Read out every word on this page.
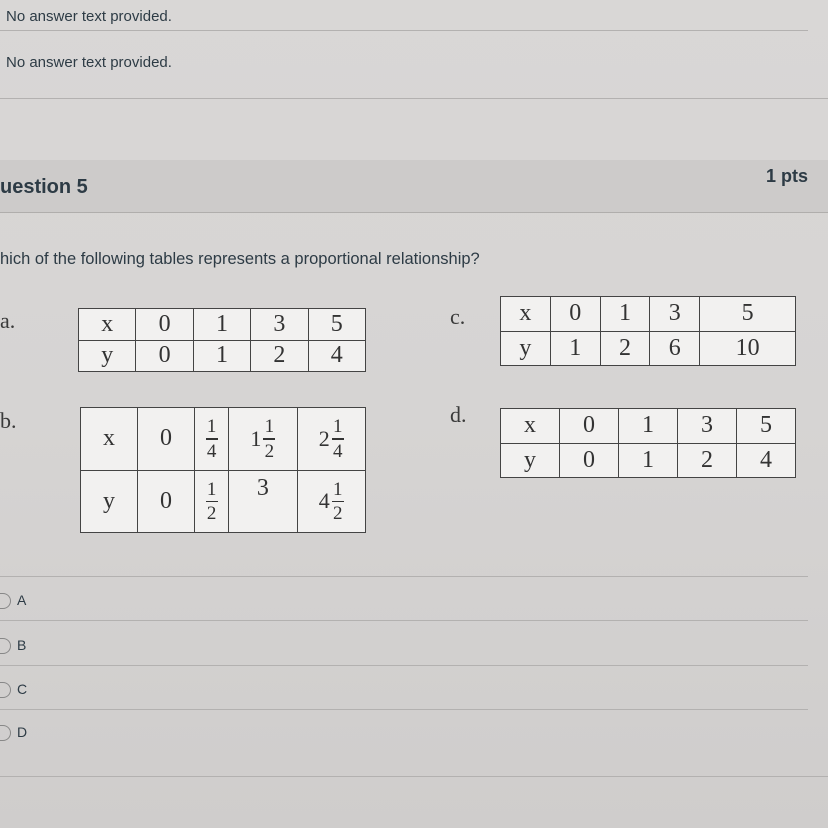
No answer text provided.
No answer text provided.
uestion 5	1 pts
hich of the following tables represents a proportional relationship?
a.	x	0	1	3	5
y	0	1	2	4
c. x	0	1	3	5
y	1	2	6	10
b.
x	0	$\frac{1}{4}$	$1 \frac{1}{2}$	$2 \frac{1}{4}$

y	0	$\frac{1}{2}$	3	$4 \frac{1}{2}$
d. x	0	1	3	5
y	0	1	2	4
A
B
C
D
